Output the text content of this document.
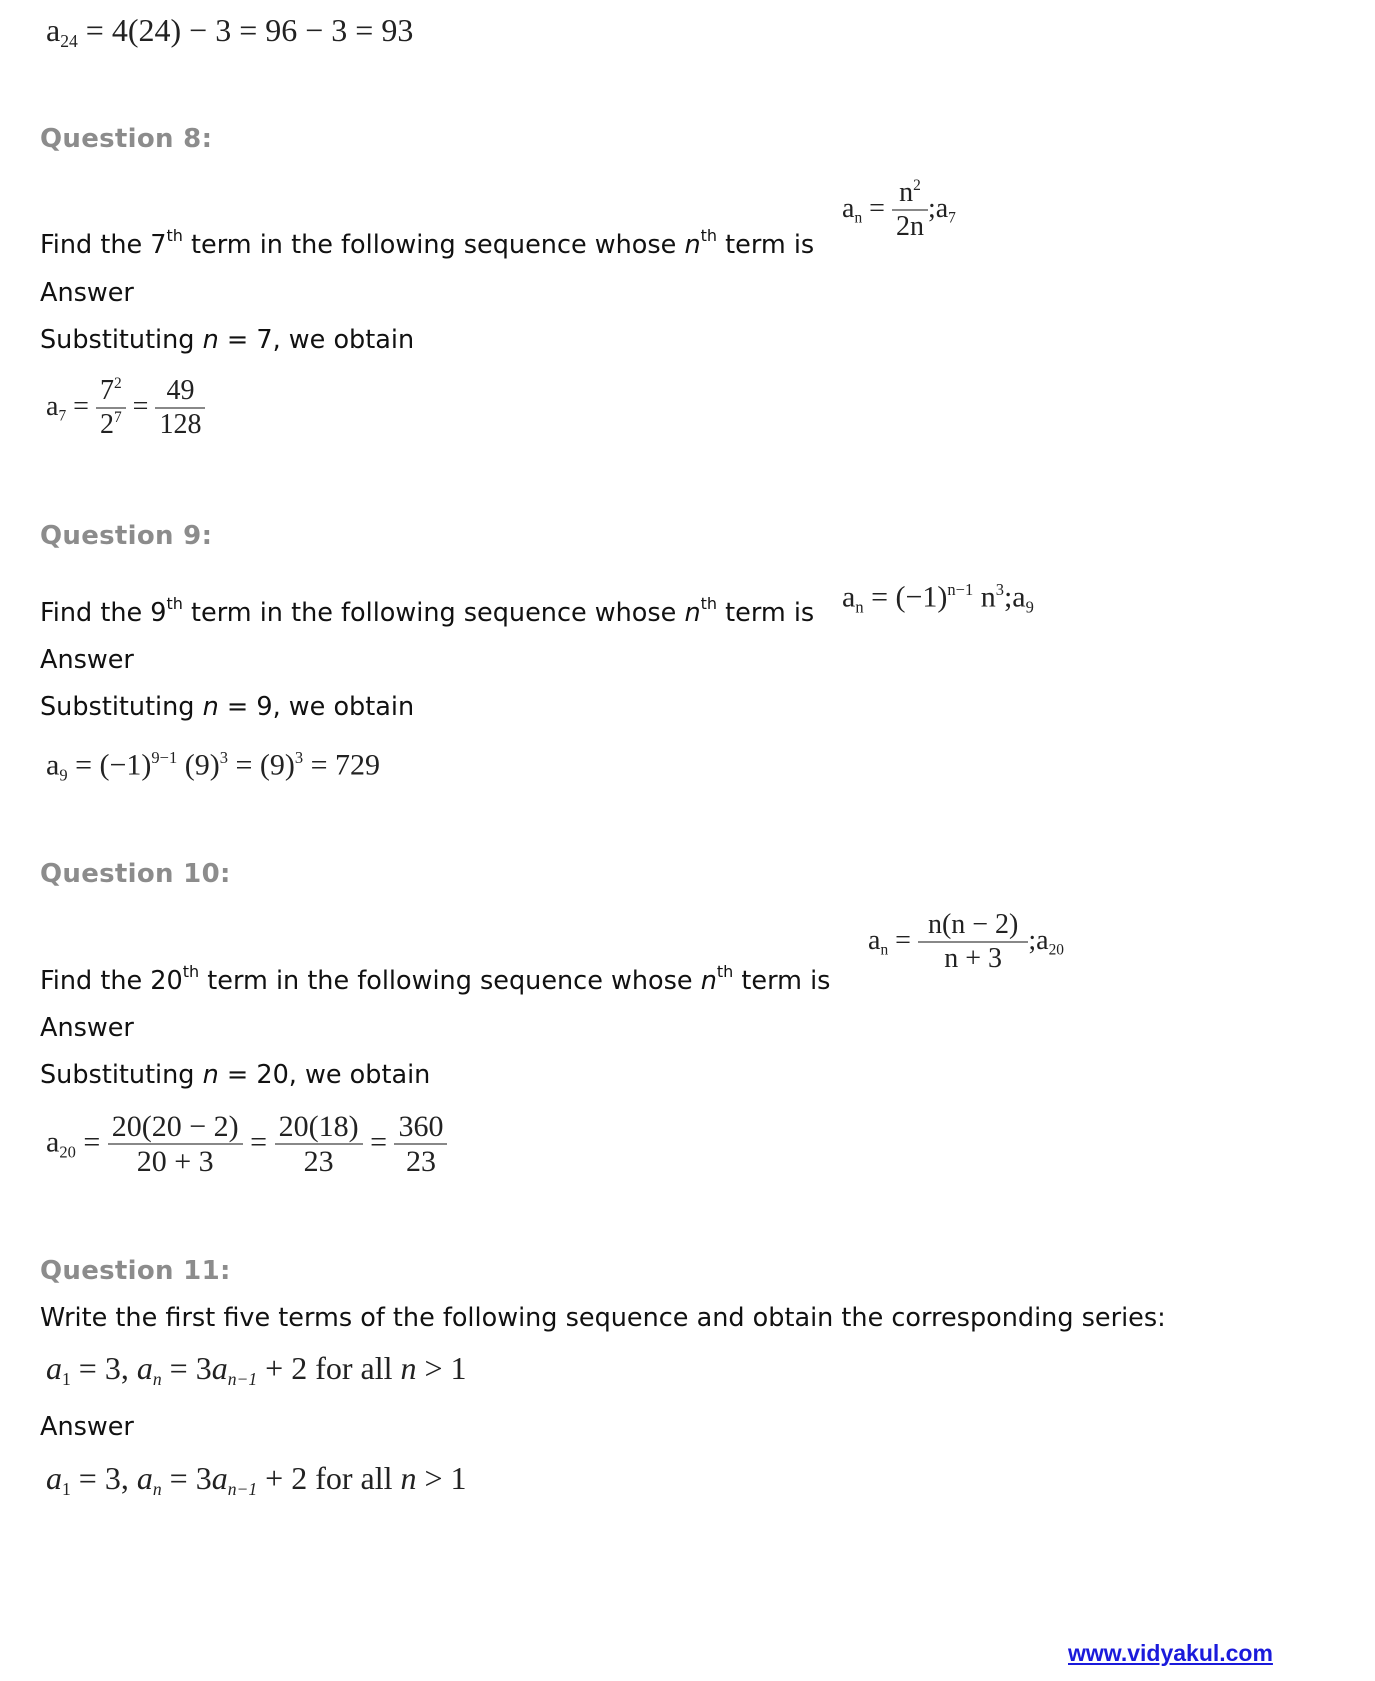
$a_{24} = 4(24) - 3 = 96 - 3 = 93$
Question 8:
Find the 7th term in the following sequence whose $n^{th}$ term is
$a_n = \frac{n^2}{2n}$ $;a_7$
Answer
Substituting n = 7, we obtain
$a_7 = \frac{7^2}{2^7} = \frac{49}{128}$
Question 9:
Find the 9th term in the following sequence whose $n^{th}$ term is $a_n = (-1)^{n-1}$ $n^3;a_9$
Answer
Substituting n = 9, we obtain
$a_9 = (-1)^{9-1}$ $(9)^3 = (9)^3 = 729$
Question 10:
Find the 20th term in the following sequence whose $n^{th}$ term is
$a_n = \frac{n(n - 2)}{n + 3}$ $;a_{20}$
Answer
Substituting n = 20, we obtain
$a_{20} = \frac{20(20 - 2)}{20 + 3} = \frac{20(18)}{23} = \frac{360}{23}$
Question 11:
Write the first five terms of the following sequence and obtain the corresponding series:
$a_1 = 3$, $a_n = 3a_{n-1} + 2$ for all n > 1
Answer
$a_1 = 3$, $a_n = 3a_{n-1} + 2$ for all n > 1
www.vidyakul.com
